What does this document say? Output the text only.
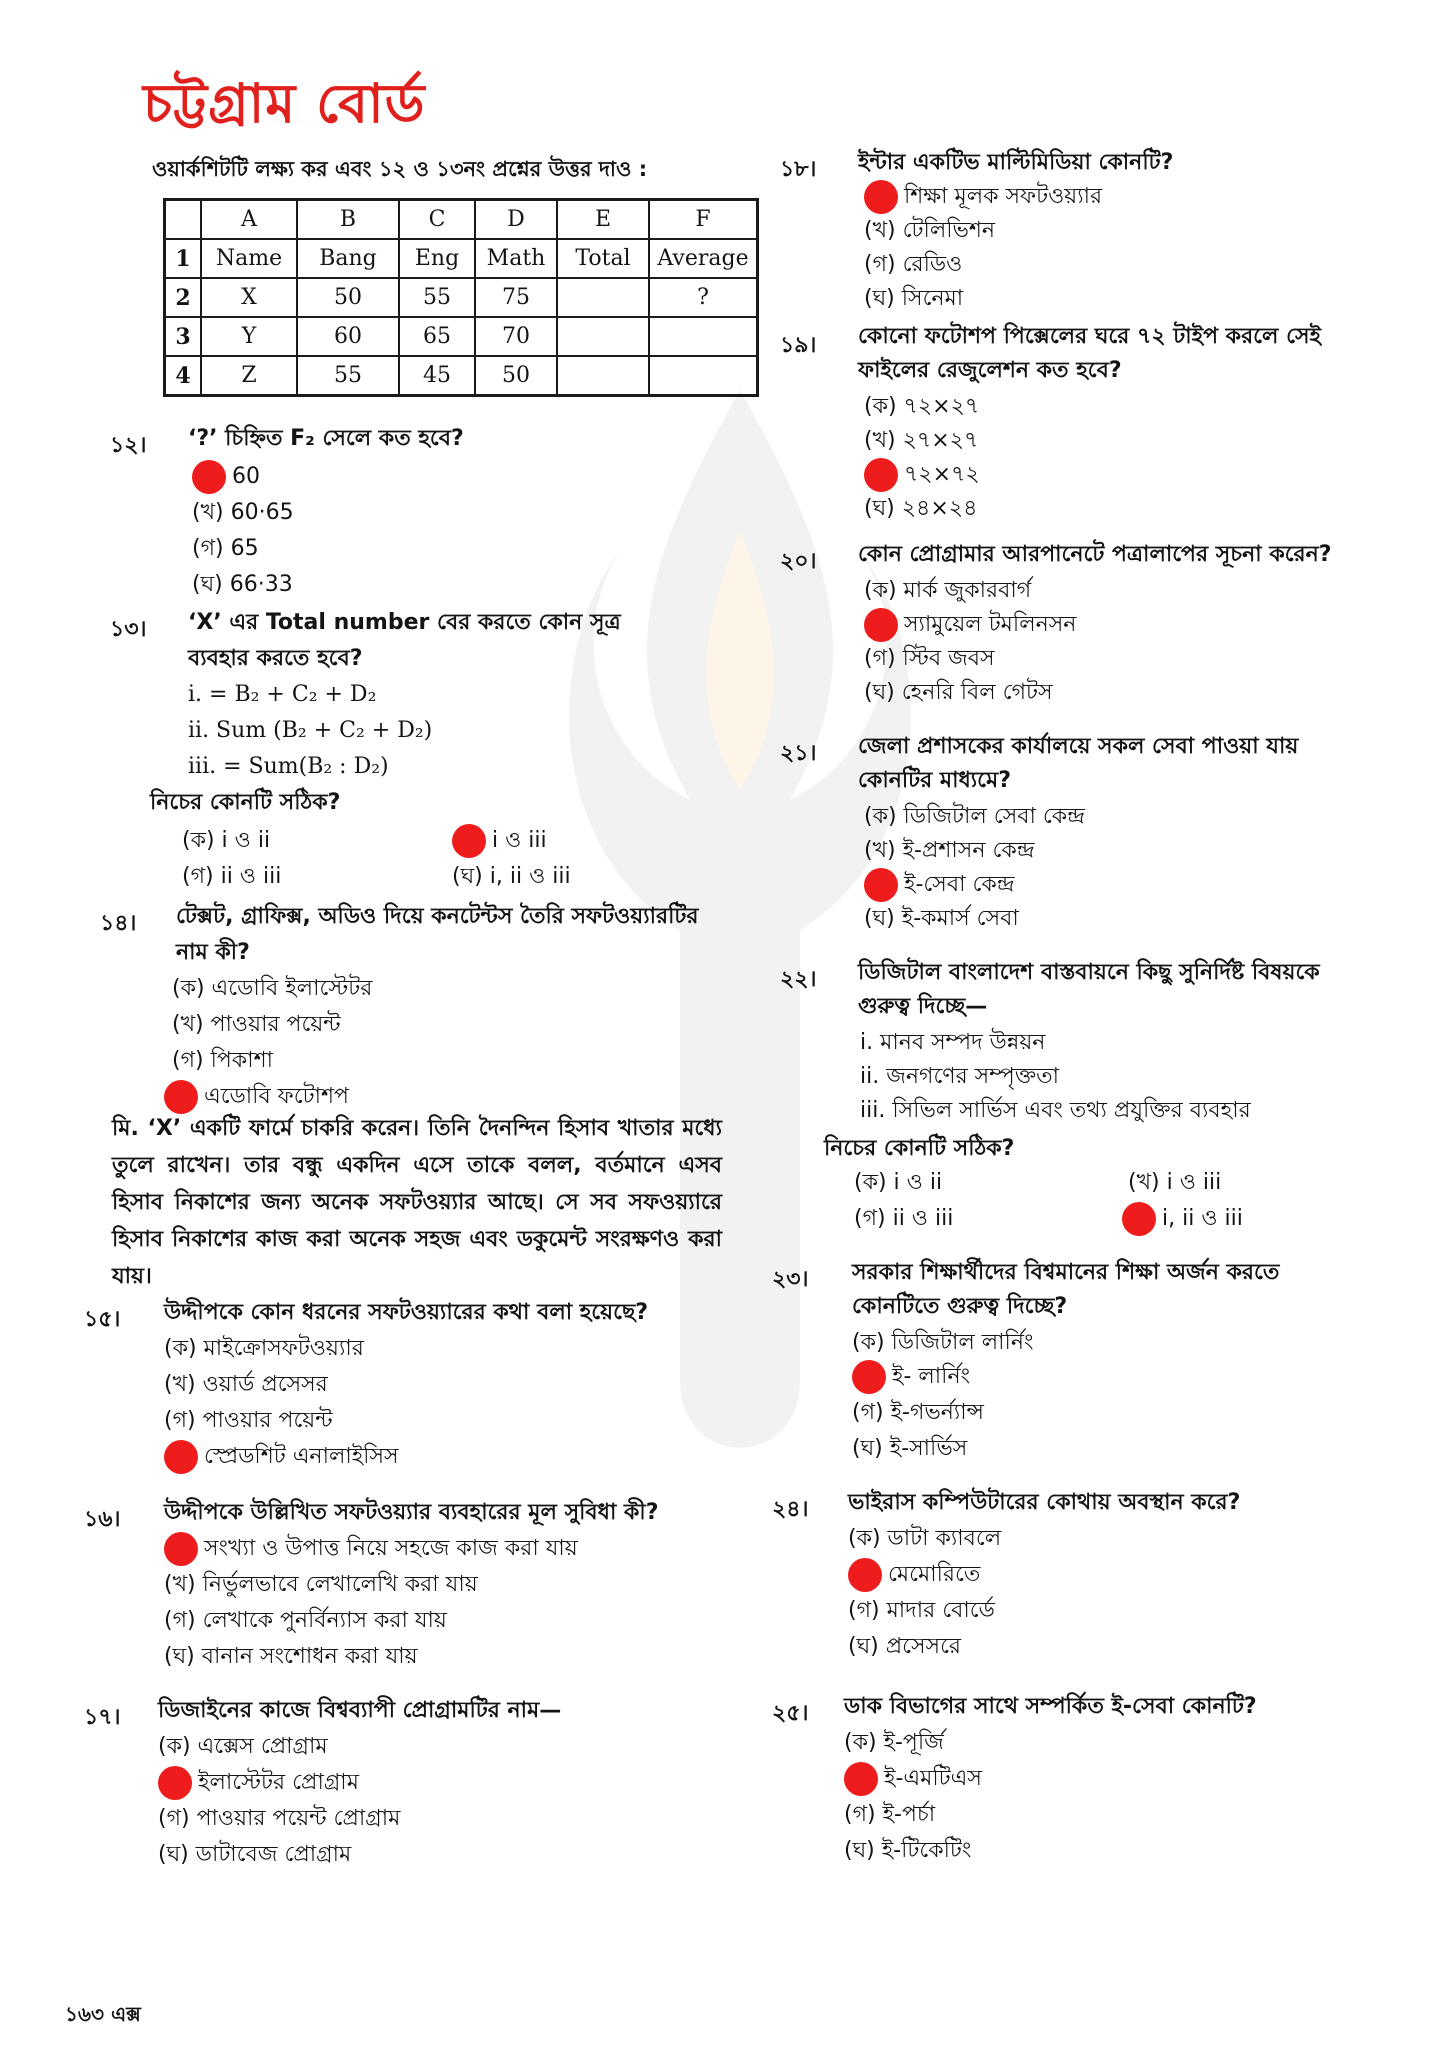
চট্টগ্রাম বোর্ড
ওয়ার্কশিটটি লক্ষ্য কর এবং ১২ ও ১৩নং প্রশ্নের উত্তর দাও :
	A	B	C	D	E	F
1	Name	Bang	Eng	Math	Total	Average
2	X	50	55	75		?
3	Y	60	65	70		
4	Z	55	45	50		
১২। ‘?’ চিহ্নিত F₂ সেলে কত হবে?
60
(খ) 60·65
(গ) 65
(ঘ) 66·33
১৩। ‘X’ এর Total number বের করতে কোন সূত্র
ব্যবহার করতে হবে?
i. = B₂ + C₂ + D₂
ii. Sum (B₂ + C₂ + D₂)
iii. = Sum(B₂ : D₂)
নিচের কোনটি সঠিক?
(ক) i ও ii	i ও iii
(গ) ii ও iii	(ঘ) i, ii ও iii
১৪। টেক্সট, গ্রাফিক্স, অডিও দিয়ে কনটেন্টস তৈরি সফটওয়্যারটির
নাম কী?
(ক) এডোবি ইলাস্টেটর
(খ) পাওয়ার পয়েন্ট
(গ) পিকাশা
এডোবি ফটোশপ
মি. ‘X’ একটি ফার্মে চাকরি করেন। তিনি দৈনন্দিন হিসাব খাতার মধ্যে তুলে রাখেন। তার বন্ধু একদিন এসে তাকে বলল, বর্তমানে এসব হিসাব নিকাশের জন্য অনেক সফটওয়্যার আছে। সে সব সফওয়্যারে হিসাব নিকাশের কাজ করা অনেক সহজ এবং ডকুমেন্ট সংরক্ষণও করা যায়।
১৫। উদ্দীপকে কোন ধরনের সফটওয়্যারের কথা বলা হয়েছে?
(ক) মাইক্রোসফটওয়্যার
(খ) ওয়ার্ড প্রসেসর
(গ) পাওয়ার পয়েন্ট
স্প্রেডশিট এনালাইসিস
১৬। উদ্দীপকে উল্লিখিত সফটওয়্যার ব্যবহারের মূল সুবিধা কী?
সংখ্যা ও উপাত্ত নিয়ে সহজে কাজ করা যায়
(খ) নির্ভুলভাবে লেখালেখি করা যায়
(গ) লেখাকে পুনর্বিন্যাস করা যায়
(ঘ) বানান সংশোধন করা যায়
১৭। ডিজাইনের কাজে বিশ্বব্যাপী প্রোগ্রামটির নাম—
(ক) এক্সেস প্রোগ্রাম
ইলাস্টেটর প্রোগ্রাম
(গ) পাওয়ার পয়েন্ট প্রোগ্রাম
(ঘ) ডাটাবেজ প্রোগ্রাম
১৮। ইন্টার একটিভ মাল্টিমিডিয়া কোনটি?
শিক্ষা মূলক সফটওয়্যার
(খ) টেলিভিশন
(গ) রেডিও
(ঘ) সিনেমা
১৯। কোনো ফটোশপ পিক্সেলের ঘরে ৭২ টাইপ করলে সেই
ফাইলের রেজুলেশন কত হবে?
(ক) ৭২×২৭
(খ) ২৭×২৭
৭২×৭২
(ঘ) ২৪×২৪
২০। কোন প্রোগ্রামার আরপানেটে পত্রালাপের সূচনা করেন?
(ক) মার্ক জুকারবার্গ
স্যামুয়েল টমলিনসন
(গ) স্টিব জবস
(ঘ) হেনরি বিল গেটস
২১। জেলা প্রশাসকের কার্যালয়ে সকল সেবা পাওয়া যায়
কোনটির মাধ্যমে?
(ক) ডিজিটাল সেবা কেন্দ্র
(খ) ই-প্রশাসন কেন্দ্র
ই-সেবা কেন্দ্র
(ঘ) ই-কমার্স সেবা
২২। ডিজিটাল বাংলাদেশ বাস্তবায়নে কিছু সুনির্দিষ্ট বিষয়কে
গুরুত্ব দিচ্ছে—
i. মানব সম্পদ উন্নয়ন
ii. জনগণের সম্পৃক্ততা
iii. সিভিল সার্ভিস এবং তথ্য প্রযুক্তির ব্যবহার
নিচের কোনটি সঠিক?
(ক) i ও ii	(খ) i ও iii
(গ) ii ও iii	i, ii ও iii
২৩। সরকার শিক্ষার্থীদের বিশ্বমানের শিক্ষা অর্জন করতে
কোনটিতে গুরুত্ব দিচ্ছে?
(ক) ডিজিটাল লার্নিং
ই- লার্নিং
(গ) ই-গভর্ন্যান্স
(ঘ) ই-সার্ভিস
২৪। ভাইরাস কম্পিউটারের কোথায় অবস্থান করে?
(ক) ডাটা ক্যাবলে
মেমোরিতে
(গ) মাদার বোর্ডে
(ঘ) প্রসেসরে
২৫। ডাক বিভাগের সাথে সম্পর্কিত ই-সেবা কোনটি?
(ক) ই-পূর্জি
ই-এমটিএস
(গ) ই-পর্চা
(ঘ) ই-টিকেটিং
১৬৩ এক্স
